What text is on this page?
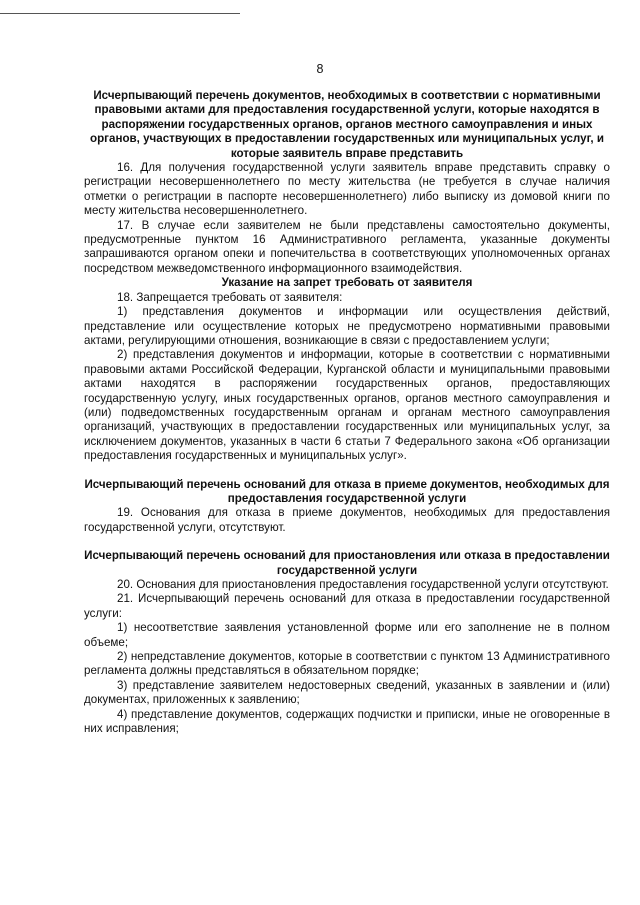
8
Исчерпывающий перечень документов, необходимых в соответствии с нормативными правовыми актами для предоставления государственной услуги, которые находятся в распоряжении государственных органов, органов местного самоуправления и иных органов, участвующих в предоставлении государственных или муниципальных услуг, и которые заявитель вправе представить

16. Для получения государственной услуги заявитель вправе представить справку о регистрации несовершеннолетнего по месту жительства (не требуется в случае наличия отметки о регистрации в паспорте несовершеннолетнего) либо выписку из домовой книги по месту жительства несовершеннолетнего.

17. В случае если заявителем не были представлены самостоятельно документы, предусмотренные пунктом 16 Административного регламента, указанные документы запрашиваются органом опеки и попечительства в соответствующих уполномоченных органах посредством межведомственного информационного взаимодействия.

Указание на запрет требовать от заявителя

18. Запрещается требовать от заявителя:

1) представления документов и информации или осуществления действий, представление или осуществление которых не предусмотрено нормативными правовыми актами, регулирующими отношения, возникающие в связи с предоставлением услуги;

2) представления документов и информации, которые в соответствии с нормативными правовыми актами Российской Федерации, Курганской области и муниципальными правовыми актами находятся в распоряжении государственных органов, предоставляющих государственную услугу, иных государственных органов, органов местного самоуправления и (или) подведомственных государственным органам и органам местного самоуправления организаций, участвующих в предоставлении государственных или муниципальных услуг, за исключением документов, указанных в части 6 статьи 7 Федерального закона «Об организации предоставления государственных и муниципальных услуг».

Исчерпывающий перечень оснований для отказа в приеме документов, необходимых для предоставления государственной услуги

19. Основания для отказа в приеме документов, необходимых для предоставления государственной услуги, отсутствуют.

Исчерпывающий перечень оснований для приостановления или отказа в предоставлении государственной услуги

20. Основания для приостановления предоставления государственной услуги отсутствуют.

21. Исчерпывающий перечень оснований для отказа в предоставлении государственной услуги:

1) несоответствие заявления установленной форме или его заполнение не в полном объеме;

2) непредставление документов, которые в соответствии с пунктом 13 Административного регламента должны представляться в обязательном порядке;

3) представление заявителем недостоверных сведений, указанных в заявлении и (или) документах, приложенных к заявлению;

4) представление документов, содержащих подчистки и приписки, иные не оговоренные в них исправления;
